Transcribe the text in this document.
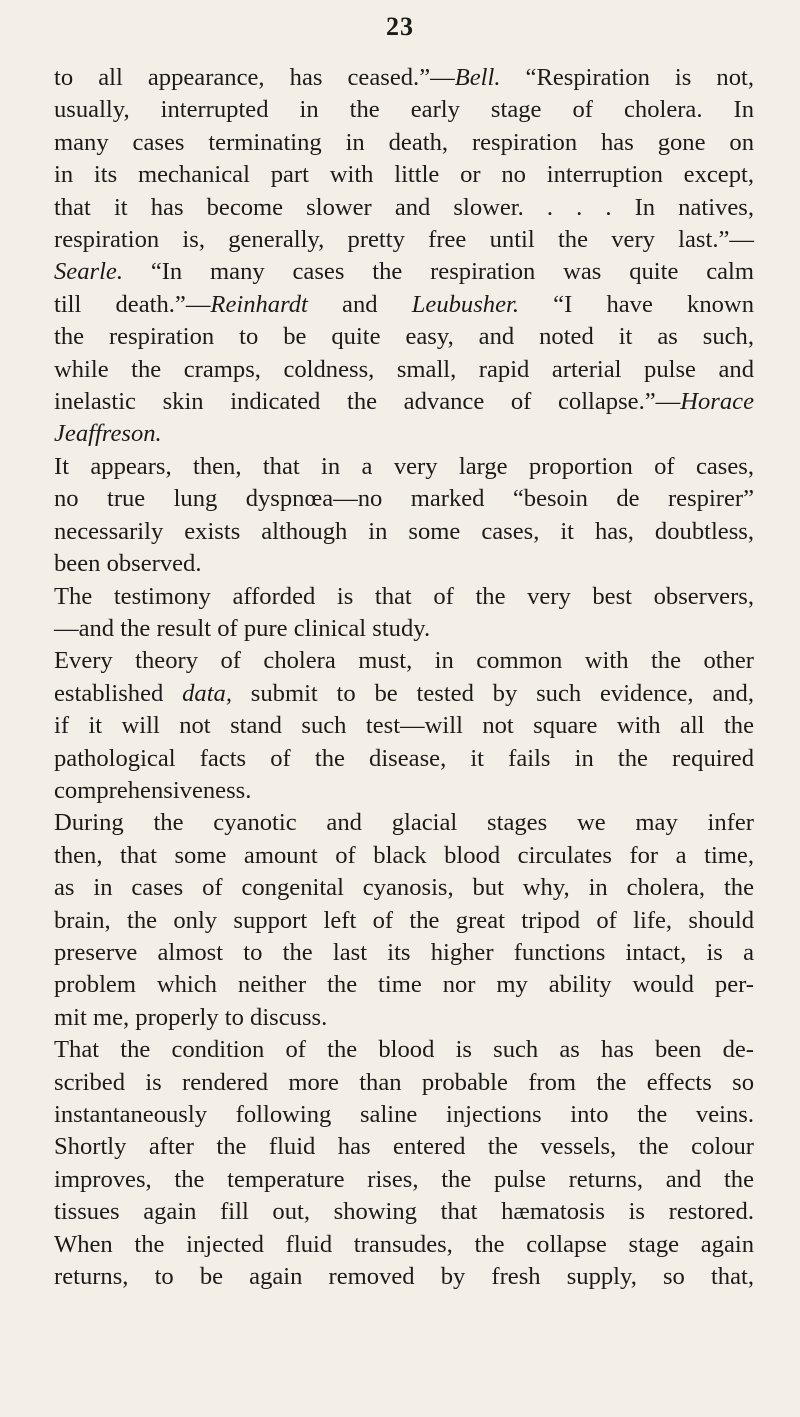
23
to all appearance, has ceased.”—Bell. “Respiration is not,
usually, interrupted in the early stage of cholera. In
many cases terminating in death, respiration has gone on
in its mechanical part with little or no interruption except,
that it has become slower and slower. . . . In natives,
respiration is, generally, pretty free until the very last.”—
Searle. “In many cases the respiration was quite calm
till death.”—Reinhardt and Leubusher. “I have known
the respiration to be quite easy, and noted it as such,
while the cramps, coldness, small, rapid arterial pulse and
inelastic skin indicated the advance of collapse.”—Horace
Jeaffreson.
It appears, then, that in a very large proportion of cases,
no true lung dyspnœa—no marked “besoin de respirer”
necessarily exists although in some cases, it has, doubtless,
been observed.
The testimony afforded is that of the very best observers,
—and the result of pure clinical study.
Every theory of cholera must, in common with the other
established data, submit to be tested by such evidence, and,
if it will not stand such test—will not square with all the
pathological facts of the disease, it fails in the required
comprehensiveness.
During the cyanotic and glacial stages we may infer
then, that some amount of black blood circulates for a time,
as in cases of congenital cyanosis, but why, in cholera, the
brain, the only support left of the great tripod of life, should
preserve almost to the last its higher functions intact, is a
problem which neither the time nor my ability would per-
mit me, properly to discuss.
That the condition of the blood is such as has been de-
scribed is rendered more than probable from the effects so
instantaneously following saline injections into the veins.
Shortly after the fluid has entered the vessels, the colour
improves, the temperature rises, the pulse returns, and the
tissues again fill out, showing that hæmatosis is restored.
When the injected fluid transudes, the collapse stage again
returns, to be again removed by fresh supply, so that,
